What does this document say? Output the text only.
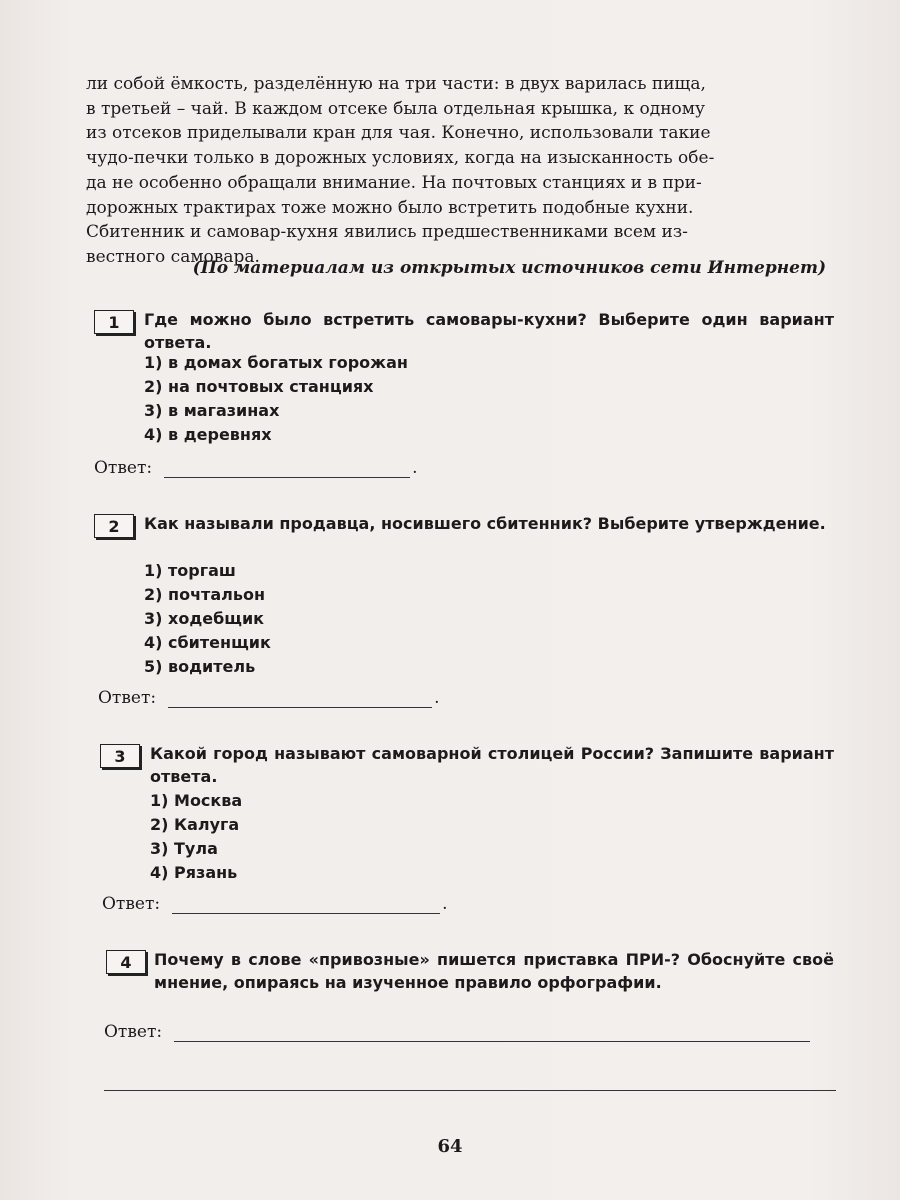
ли собой ёмкость, разделённую на три части: в двух варилась пища,

в третьей – чай. В каждом отсеке была отдельная крышка, к одному

из отсеков приделывали кран для чая. Конечно, использовали такие

чудо-печки только в дорожных условиях, когда на изысканность обе-

да не особенно обращали внимание. На почтовых станциях и в при-

дорожных трактирах тоже можно было встретить подобные кухни.

Сбитенник и самовар-кухня явились предшественниками всем из-

вестного самовара.

(По материалам из открытых источников сети Интернет)
1	Где можно было встретить самовары-кухни? Выберите один вариант ответа.
1) в домах богатых горожан
2) на почтовых станциях
3) в магазинах
4) в деревнях
Ответ:	.
2	Как называли продавца, носившего сбитенник? Выберите утверждение.
1) торгаш
2) почтальон
3) ходебщик
4) сбитенщик
5) водитель
Ответ:	.
3	Какой город называют самоварной столицей России? Запишите вариант ответа.
1) Москва
2) Калуга
3) Тула
4) Рязань
Ответ:	.
4	Почему в слове «привозные» пишется приставка ПРИ-? Обоснуйте своё мнение, опираясь на изученное правило орфографии.
Ответ:
64
